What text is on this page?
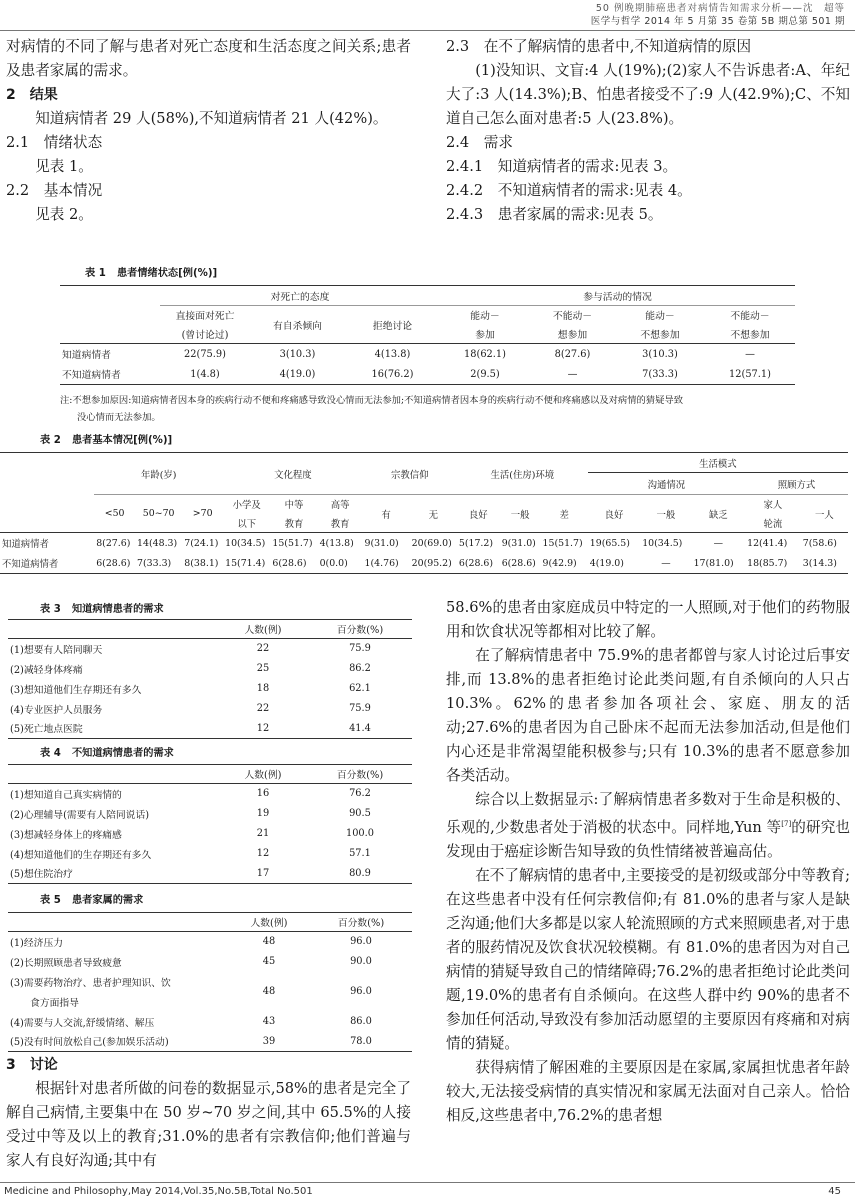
50 例晚期肺癌患者对病情告知需求分析——沈　超等
医学与哲学 2014 年 5 月第 35 卷第 5B 期总第 501 期

对病情的不同了解与患者对死亡态度和生活态度之间关系;患者及患者家属的需求。

2　结果

知道病情者 29 人(58%),不知道病情者 21 人(42%)。

2.1　情绪状态

见表 1。

2.2　基本情况

见表 2。

2.3　在不了解病情的患者中,不知道病情的原因

(1)没知识、文盲:4 人(19%);(2)家人不告诉患者:A、年纪大了:3 人(14.3%);B、怕患者接受不了:9 人(42.9%);C、不知道自己怎么面对患者:5 人(23.8%)。

2.4　需求
2.4.1　知道病情者的需求:见表 3。
2.4.2　不知道病情者的需求:见表 4。
2.4.3　患者家属的需求:见表 5。
表 1 患者情绪状态[例(%)]
	对死亡的态度			参与活动的情况			
	直接面对死亡	有自杀倾向	拒绝讨论	能动－	不能动－	能动－	不能动－
	(曾讨论过)			参加	想参加	不想参加	不想参加
知道病情者	22(75.9)	3(10.3)	4(13.8)	18(62.1)	8(27.6)	3(10.3)	—
不知道病情者	1(4.8)	4(19.0)	16(76.2)	2(9.5)	—	7(33.3)	12(57.1)
注:不想参加原因:知道病情者因本身的疾病行动不便和疼痛感导致没心情而无法参加;不知道病情者因本身的疾病行动不便和疼痛感以及对病情的猜疑导致
没心情而无法参加。
表 2 患者基本情况[例(%)]
	年龄(岁)			文化程度			宗教信仰		生活(住房)环境			生活模式				
												沟通情况			照顾方式	
	<50	50~70	>70	小学及	中等	高等	有	无	良好	一般	差	良好	一般	缺乏	家人	一人
				以下	教育	教育									轮流	
知道病情者	8(27.6)	14(48.3)	7(24.1)	10(34.5)	15(51.7)	4(13.8)	9(31.0)	20(69.0)	5(17.2)	9(31.0)	15(51.7)	19(65.5)	10(34.5)	—	12(41.4)	7(58.6)
不知道病情者	6(28.6)	7(33.3)	8(38.1)	15(71.4)	6(28.6)	0(0.0)	1(4.76)	20(95.2)	6(28.6)	6(28.6)	9(42.9)	4(19.0)	—	17(81.0)	18(85.7)	3(14.3)
表 3 知道病情患者的需求
	人数(例)	百分数(%)
(1)想要有人陪同聊天	22	75.9
(2)减轻身体疼痛	25	86.2
(3)想知道他们生存期还有多久	18	62.1
(4)专业医护人员服务	22	75.9
(5)死亡地点医院	12	41.4
表 4 不知道病情患者的需求
	人数(例)	百分数(%)
(1)想知道自己真实病情的	16	76.2
(2)心理辅导(需要有人陪同说话)	19	90.5
(3)想减轻身体上的疼痛感	21	100.0
(4)想知道他们的生存期还有多久	12	57.1
(5)想住院治疗	17	80.9
表 5 患者家属的需求
	人数(例)	百分数(%)
(1)经济压力	48	96.0
(2)长期照顾患者导致疲惫	45	90.0
(3)需要药物治疗、患者护理知识、饮	48	96.0
食方面指导		
(4)需要与人交流,舒缓情绪、解压	43	86.0
(5)没有时间放松自己(参加娱乐活动)	39	78.0
3　讨论

根据针对患者所做的问卷的数据显示,58%的患者是完全了解自己病情,主要集中在 50 岁~70 岁之间,其中 65.5%的人接受过中等及以上的教育;31.0%的患者有宗教信仰;他们普遍与家人有良好沟通;其中有

58.6%的患者由家庭成员中特定的一人照顾,对于他们的药物服用和饮食状况等都相对比较了解。

在了解病情患者中 75.9%的患者都曾与家人讨论过后事安排,而 13.8%的患者拒绝讨论此类问题,有自杀倾向的人只占 10.3%。62%的患者参加各项社会、家庭、朋友的活动;27.6%的患者因为自己卧床不起而无法参加活动,但是他们内心还是非常渴望能积极参与;只有 10.3%的患者不愿意参加各类活动。

综合以上数据显示:了解病情患者多数对于生命是积极的、乐观的,少数患者处于消极的状态中。同样地,Yun 等[7]的研究也发现由于癌症诊断告知导致的负性情绪被普遍高估。

在不了解病情的患者中,主要接受的是初级或部分中等教育;在这些患者中没有任何宗教信仰;有 81.0%的患者与家人是缺乏沟通;他们大多都是以家人轮流照顾的方式来照顾患者,对于患者的服药情况及饮食状况较模糊。有 81.0%的患者因为对自己病情的猜疑导致自己的情绪障碍;76.2%的患者拒绝讨论此类问题,19.0%的患者有自杀倾向。在这些人群中约 90%的患者不参加任何活动,导致没有参加活动愿望的主要原因有疼痛和对病情的猜疑。

获得病情了解困难的主要原因是在家属,家属担忧患者年龄较大,无法接受病情的真实情况和家属无法面对自己亲人。恰恰相反,这些患者中,76.2%的患者想

Medicine and Philosophy,May 2014,Vol.35,No.5B,Total No.501	45
